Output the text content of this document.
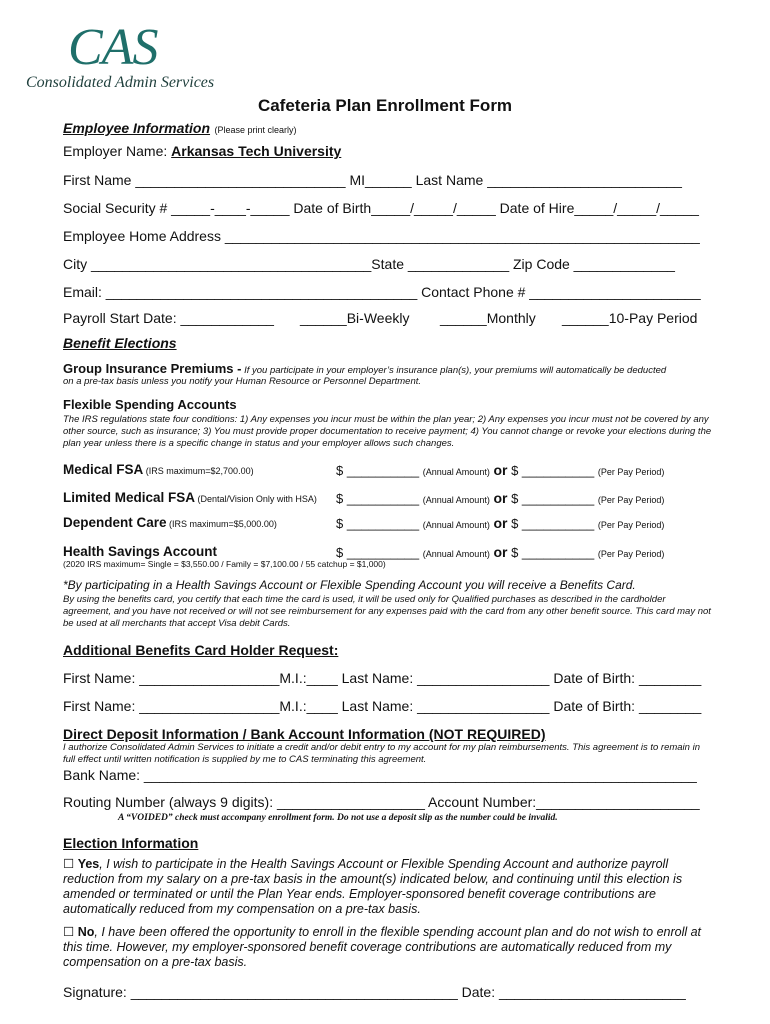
CAS
Consolidated Admin Services
Cafeteria Plan Enrollment Form
Employee Information (Please print clearly)
Employer Name: Arkansas Tech University
First Name ___________________________ MI______ Last Name _________________________
Social Security # _____-____-_____ Date of Birth_____/_____/_____ Date of Hire_____/_____/_____
Employee Home Address _____________________________________________________________
City ____________________________________State _____________ Zip Code _____________
Email: ________________________________________ Contact Phone # ______________________
Payroll Start Date: ____________ ______Bi-Weekly ______Monthly ______10-Pay Period
Benefit Elections
Group Insurance Premiums - If you participate in your employer’s insurance plan(s), your premiums will automatically be deducted
on a pre-tax basis unless you notify your Human Resource or Personnel Department.
Flexible Spending Accounts
The IRS regulations state four conditions: 1) Any expenses you incur must be within the plan year; 2) Any expenses you incur must not be covered by any other source, such as insurance; 3) You must provide proper documentation to receive payment; 4) You cannot change or revoke your elections during the plan year unless there is a specific change in status and your employer allows such changes.
Medical FSA (IRS maximum=$2,700.00)
Limited Medical FSA (Dental/Vision Only with HSA)
Dependent Care (IRS maximum=$5,000.00)
Health Savings Account
$ __________ (Annual Amount) or $ __________ (Per Pay Period)
$ __________ (Annual Amount) or $ __________ (Per Pay Period)
$ __________ (Annual Amount) or $ __________ (Per Pay Period)
$ __________ (Annual Amount) or $ __________ (Per Pay Period)
(2020 IRS maximum= Single = $3,550.00 / Family = $7,100.00 / 55 catchup = $1,000)
*By participating in a Health Savings Account or Flexible Spending Account you will receive a Benefits Card.
By using the benefits card, you certify that each time the card is used, it will be used only for Qualified purchases as described in the cardholder agreement, and you have not received or will not see reimbursement for any expenses paid with the card from any other benefit source. This card may not be used at all merchants that accept Visa debit Cards.
Additional Benefits Card Holder Request:
First Name: __________________M.I.:____ Last Name: _________________ Date of Birth: ________
First Name: __________________M.I.:____ Last Name: _________________ Date of Birth: ________
Direct Deposit Information / Bank Account Information (NOT REQUIRED)
I authorize Consolidated Admin Services to initiate a credit and/or debit entry to my account for my plan reimbursements. This agreement is to remain in full effect until written notification is supplied by me to CAS terminating this agreement.
Bank Name: _______________________________________________________________________
Routing Number (always 9 digits): ___________________ Account Number:_____________________
A “VOIDED” check must accompany enrollment form. Do not use a deposit slip as the number could be invalid.
Election Information
☐ Yes, I wish to participate in the Health Savings Account or Flexible Spending Account and authorize payroll reduction from my salary on a pre-tax basis in the amount(s) indicated below, and continuing until this election is amended or terminated or until the Plan Year ends. Employer-sponsored benefit coverage contributions are automatically reduced from my compensation on a pre-tax basis.
☐ No, I have been offered the opportunity to enroll in the flexible spending account plan and do not wish to enroll at this time. However, my employer-sponsored benefit coverage contributions are automatically reduced from my compensation on a pre-tax basis.
Signature: __________________________________________ Date: ________________________
